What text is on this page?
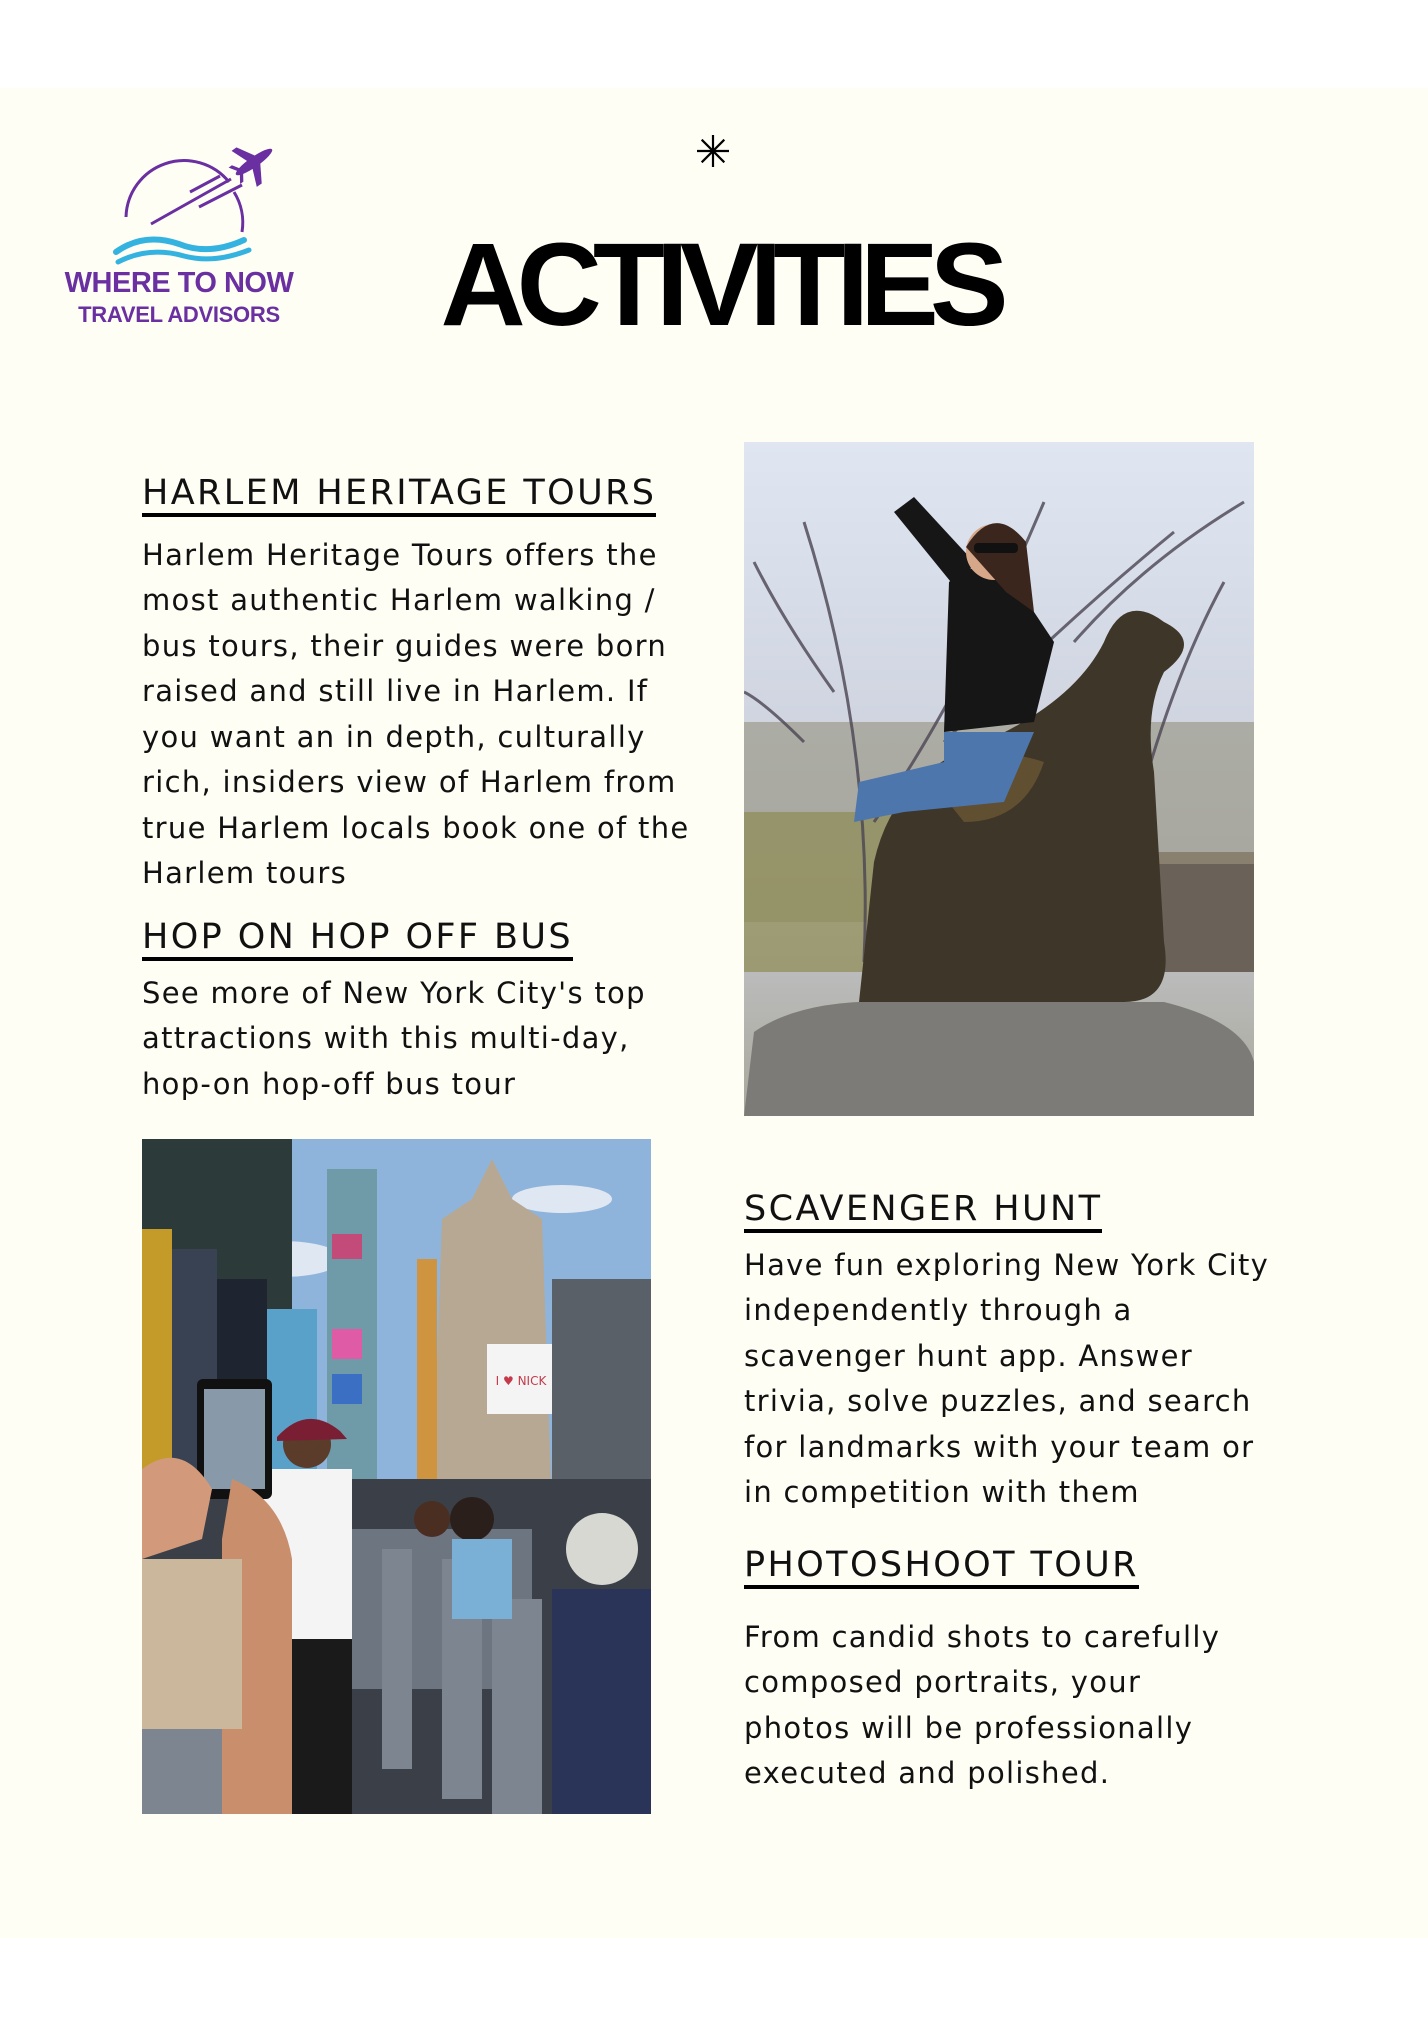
WHERE TO NOW
TRAVEL ADVISORS ACTIVITIES
HARLEM HERITAGE TOURS

Harlem Heritage Tours offers the
most authentic Harlem walking /
bus tours, their guides were born
raised and still live in Harlem. If
you want an in depth, culturally
rich, insiders view of Harlem from
true Harlem locals book one of the
Harlem tours

HOP ON HOP OFF BUS

See more of New York City's top
attractions with this multi-day,
hop-on hop-off bus tour

I ♥ NICK
SCAVENGER HUNT

Have fun exploring New York City
independently through a
scavenger hunt app. Answer
trivia, solve puzzles, and search
for landmarks with your team or
in competition with them

PHOTOSHOOT TOUR

From candid shots to carefully
composed portraits, your
photos will be professionally
executed and polished.
